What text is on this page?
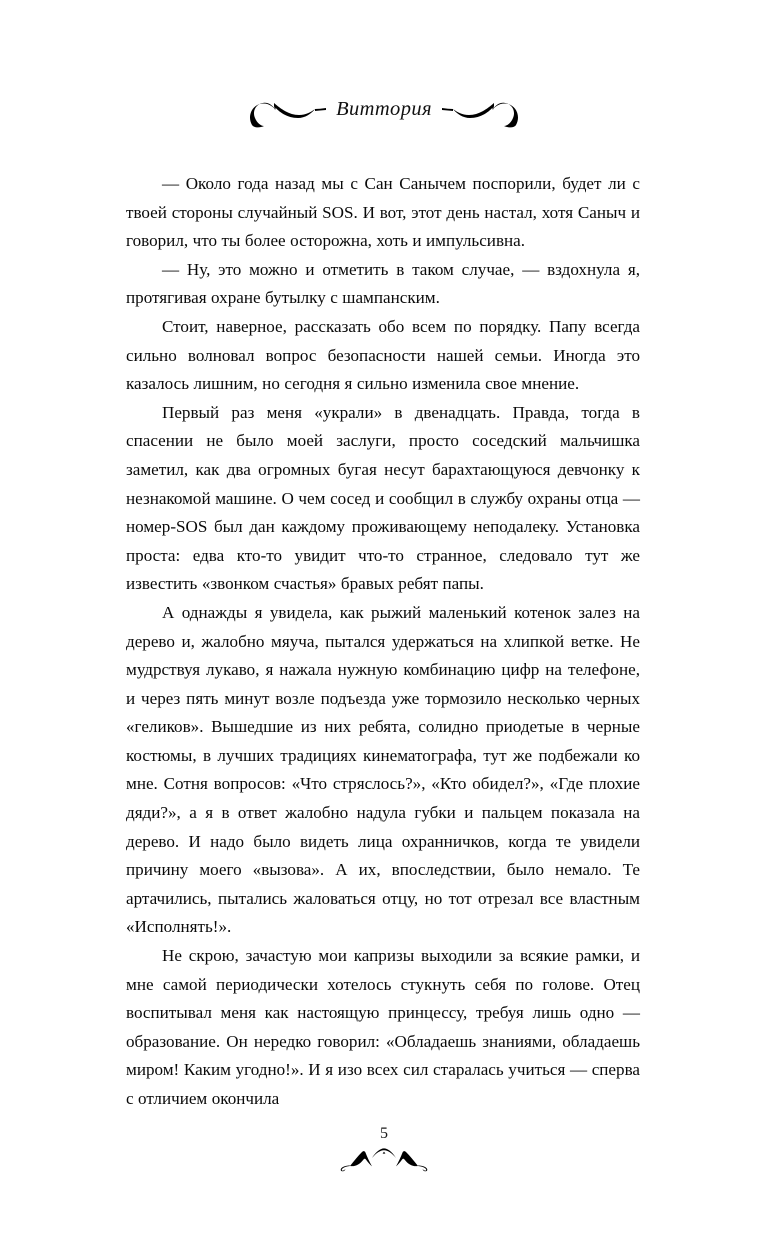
Виттория

— Около года назад мы с Сан Санычем поспорили, будет ли с твоей стороны случайный SOS. И вот, этот день настал, хотя Саныч и говорил, что ты более осторожна, хоть и импульсивна.

— Ну, это можно и отметить в таком случае, — вздохнула я, протягивая охране бутылку с шампанским.

Стоит, наверное, рассказать обо всем по порядку. Папу всегда сильно волновал вопрос безопасности нашей семьи. Иногда это казалось лишним, но сегодня я сильно изменила свое мнение.

Первый раз меня «украли» в двенадцать. Правда, тогда в спасении не было моей заслуги, просто соседский мальчишка заметил, как два огромных бугая несут барахтающуюся девчонку к незнакомой машине. О чем сосед и сообщил в службу охраны отца — номер-SOS был дан каждому проживающему неподалеку. Установка проста: едва кто-то увидит что-то странное, следовало тут же известить «звонком счастья» бравых ребят папы.

А однажды я увидела, как рыжий маленький котенок залез на дерево и, жалобно мяуча, пытался удержаться на хлипкой ветке. Не мудрствуя лукаво, я нажала нужную комбинацию цифр на телефоне, и через пять минут возле подъезда уже тормозило несколько черных «геликов». Вышедшие из них ребята, солидно приодетые в черные костюмы, в лучших традициях кинематографа, тут же подбежали ко мне. Сотня вопросов: «Что стряслось?», «Кто обидел?», «Где плохие дяди?», а я в ответ жалобно надула губки и пальцем показала на дерево. И надо было видеть лица охранничков, когда те увидели причину моего «вызова». А их, впоследствии, было немало. Те артачились, пытались жаловаться отцу, но тот отрезал все властным «Исполнять!».

Не скрою, зачастую мои капризы выходили за всякие рамки, и мне самой периодически хотелось стукнуть себя по голове. Отец воспитывал меня как настоящую принцессу, требуя лишь одно — образование. Он нередко говорил: «Обладаешь знаниями, обладаешь миром! Каким угодно!». И я изо всех сил старалась учиться — сперва с отличием окончила

5
